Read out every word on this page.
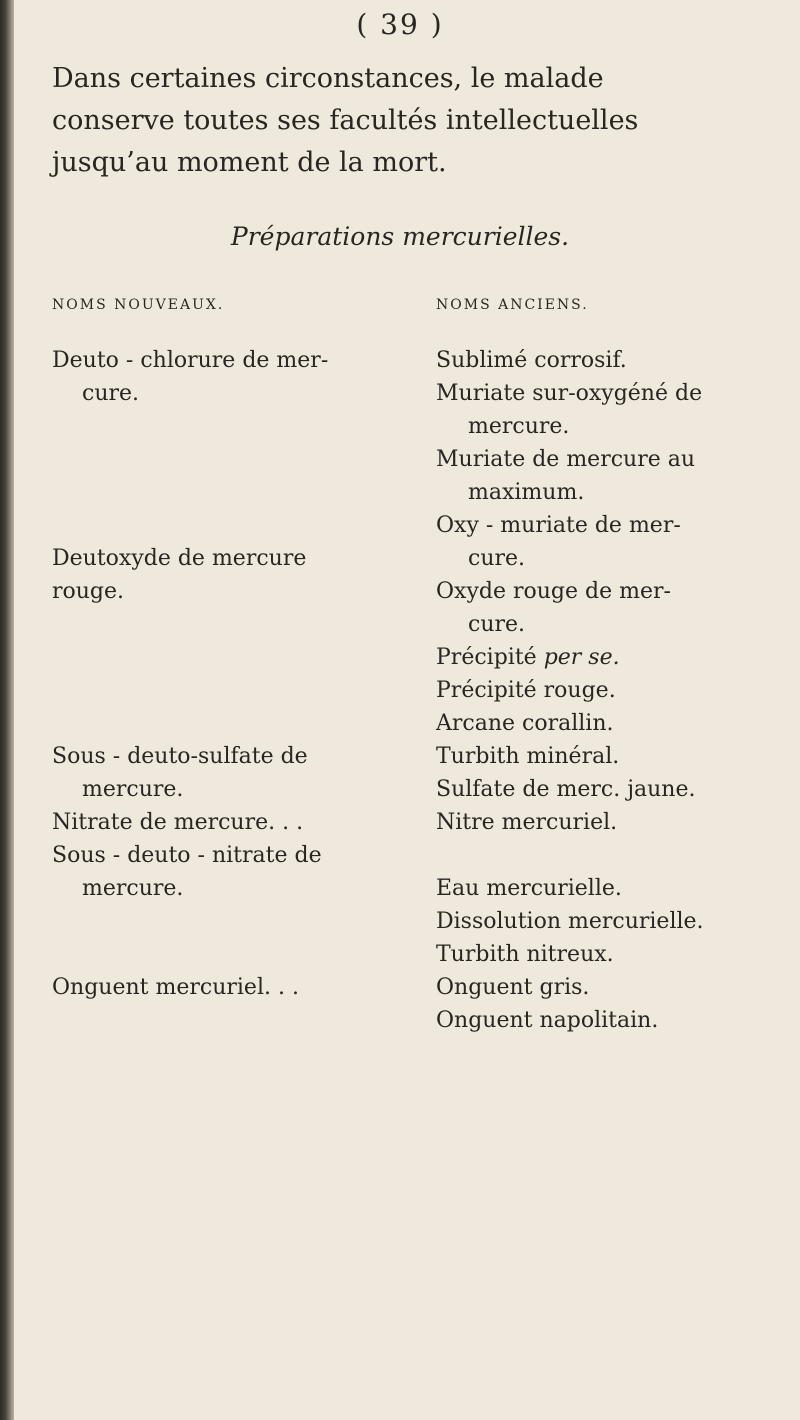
( 39 )
Dans certaines circonstances, le malade
conserve toutes ses facultés intellectuelles
jusqu’au moment de la mort.
Préparations mercurielles.
NOMS NOUVEAUX.	NOMS ANCIENS.
Deuto - chlorure de mer-
cure.
Deutoxyde de mercure
rouge.
Sous - deuto-sulfate de
mercure.
Nitrate de mercure. . .
Sous - deuto - nitrate de
mercure.
Onguent mercuriel. . .
Sublimé corrosif.
Muriate sur-oxygéné de
mercure.
Muriate de mercure au
maximum.
Oxy - muriate de mer-
cure.
Oxyde rouge de mer-
cure.
Précipité per se.
Précipité rouge.
Arcane corallin.
Turbith minéral.
Sulfate de merc. jaune.
Nitre mercuriel.
Eau mercurielle.
Dissolution mercurielle.
Turbith nitreux.
Onguent gris.
Onguent napolitain.
